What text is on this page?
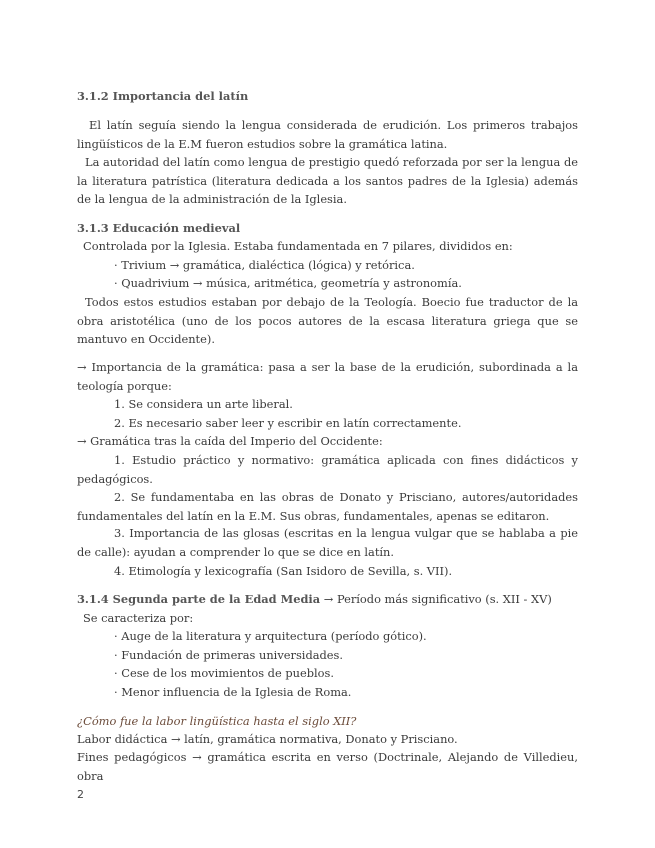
3.1.2 Importancia del latín
El latín seguía siendo la lengua considerada de erudición. Los primeros trabajos lingüísticos de la E.M fueron estudios sobre la gramática latina.
La autoridad del latín como lengua de prestigio quedó reforzada por ser la lengua de la literatura patrística (literatura dedicada a los santos padres de la Iglesia) además de la lengua de la administración de la Iglesia.
3.1.3 Educación medieval
Controlada por la Iglesia. Estaba fundamentada en 7 pilares, divididos en:
· Trivium → gramática, dialéctica (lógica) y retórica.
· Quadrivium → música, aritmética, geometría y astronomía.
Todos estos estudios estaban por debajo de la Teología. Boecio fue traductor de la obra aristotélica (uno de los pocos autores de la escasa literatura griega que se mantuvo en Occidente).
→ Importancia de la gramática: pasa a ser la base de la erudición, subordinada a la teología porque:
1. Se considera un arte liberal.
2. Es necesario saber leer y escribir en latín correctamente.
→ Gramática tras la caída del Imperio del Occidente:
1. Estudio práctico y normativo: gramática aplicada con fines didácticos y pedagógicos.
2. Se fundamentaba en las obras de Donato y Prisciano, autores/autoridades fundamentales del latín en la E.M. Sus obras, fundamentales, apenas se editaron.
3. Importancia de las glosas (escritas en la lengua vulgar que se hablaba a pie de calle): ayudan a comprender lo que se dice en latín.
4. Etimología y lexicografía (San Isidoro de Sevilla, s. VII).
3.1.4 Segunda parte de la Edad Media → Período más significativo (s. XII - XV)
Se caracteriza por:
· Auge de la literatura y arquitectura (período gótico).
· Fundación de primeras universidades.
· Cese de los movimientos de pueblos.
· Menor influencia de la Iglesia de Roma.
¿Cómo fue la labor lingüística hasta el siglo XII?
Labor didáctica → latín, gramática normativa, Donato y Prisciano.
Fines pedagógicos → gramática escrita en verso (Doctrinale, Alejando de Villedieu, obra
2
